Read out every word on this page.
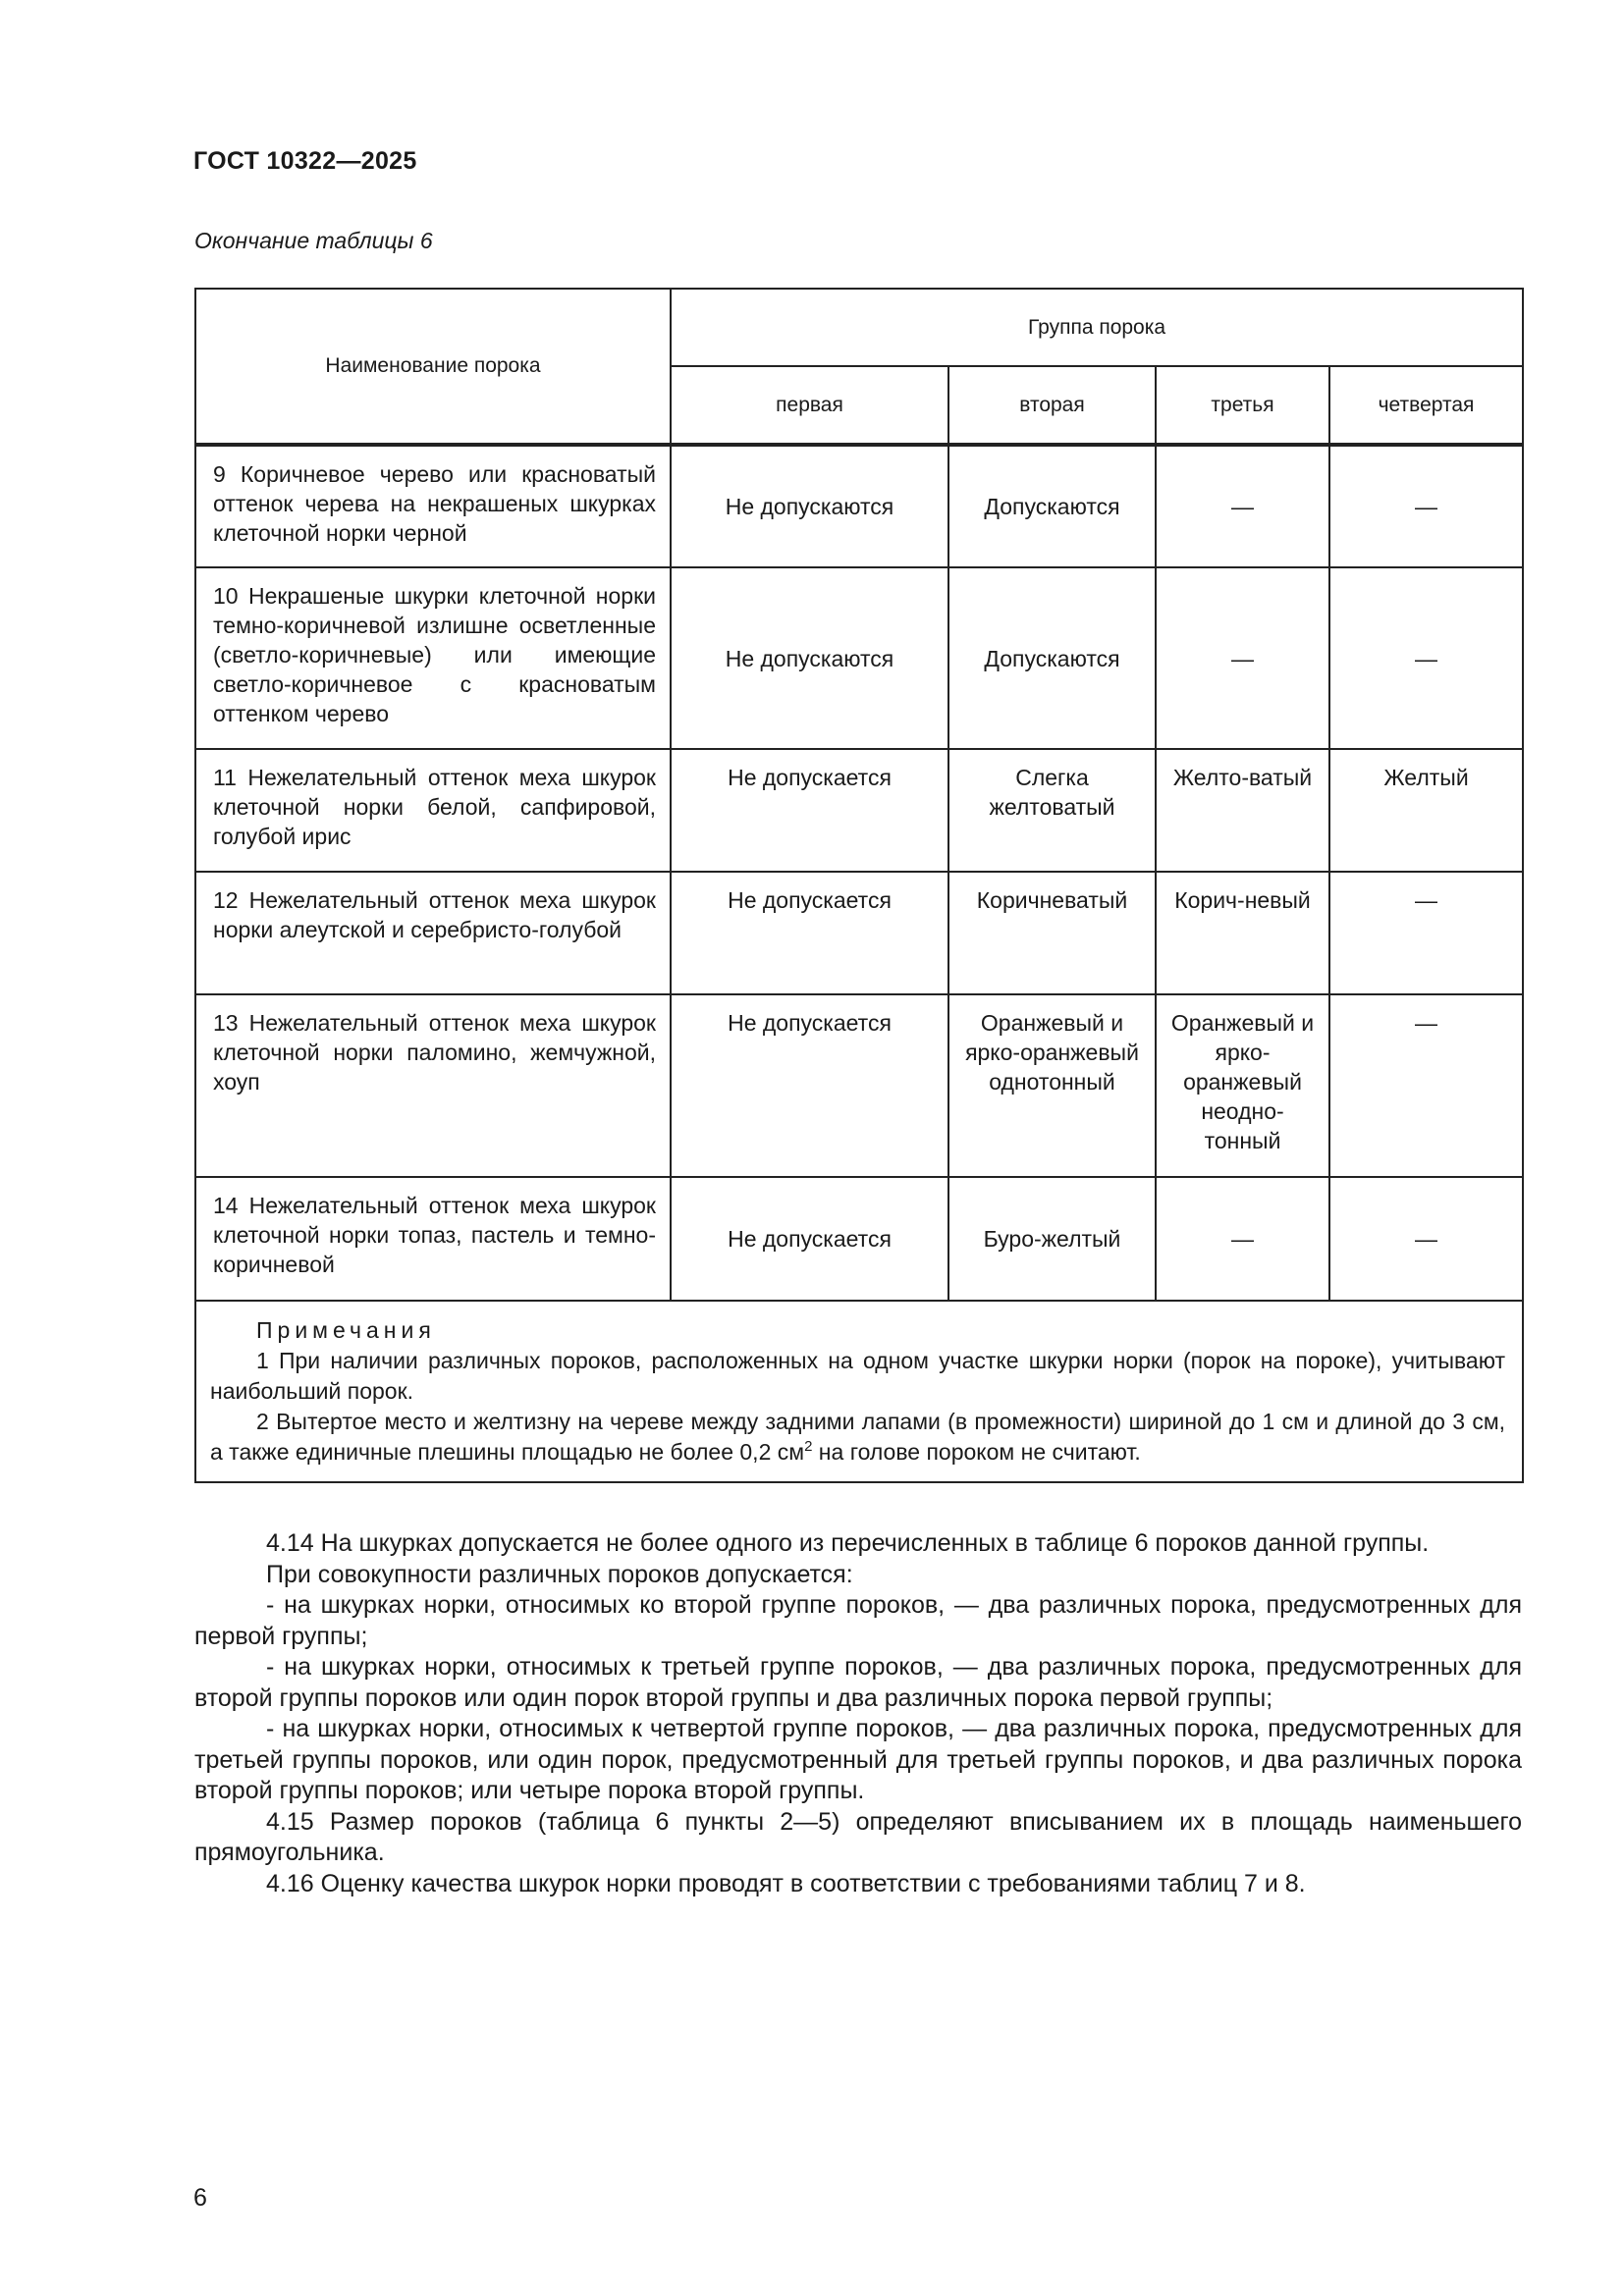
ГОСТ 10322—2025
Окончание таблицы 6
Наименование порока	Группа порока			
	первая	вторая	третья	четвертая
9 Коричневое черево или красноватый оттенок черева на некрашеных шкурках клеточной норки черной	Не допускаются	Допускаются	—	—
10 Некрашеные шкурки клеточной норки темно-коричневой излишне осветленные (светло-коричневые) или имеющие светло-коричневое с красноватым оттенком черево	Не допускаются	Допускаются	—	—
11 Нежелательный оттенок меха шкурок клеточной норки белой, сапфировой, голубой ирис	Не допускается	Слегка желтоватый	Желто-ватый	Желтый
12 Нежелательный оттенок меха шкурок норки алеутской и серебристо-голубой	Не допускается	Коричневатый	Корич-невый	—
13 Нежелательный оттенок меха шкурок клеточной норки паломино, жемчужной, хоуп	Не допускается	Оранжевый и ярко-оранжевый однотонный	Оранжевый и ярко-оранжевый неодно-тонный	—
14 Нежелательный оттенок меха шкурок клеточной норки топаз, пастель и темно-коричневой	Не допускается	Буро-желтый	—	—

Примечания
1 При наличии различных пороков, расположенных на одном участке шкурки норки (порок на пороке), учитывают наибольший порок.
2 Вытертое место и желтизну на череве между задними лапами (в промежности) шириной до 1 см и длиной до 3 см, а также единичные плешины площадью не более 0,2 $см^2$ на голове пороком не считают.				

4.14 На шкурках допускается не более одного из перечисленных в таблице 6 пороков данной группы.

При совокупности различных пороков допускается:

- на шкурках норки, относимых ко второй группе пороков, — два различных порока, предусмотренных для первой группы;

- на шкурках норки, относимых к третьей группе пороков, — два различных порока, предусмотренных для второй группы пороков или один порок второй группы и два различных порока первой группы;

- на шкурках норки, относимых к четвертой группе пороков, — два различных порока, предусмотренных для третьей группы пороков, или один порок, предусмотренный для третьей группы пороков, и два различных порока второй группы пороков; или четыре порока второй группы.

4.15 Размер пороков (таблица 6 пункты 2—5) определяют вписыванием их в площадь наименьшего прямоугольника.

4.16 Оценку качества шкурок норки проводят в соответствии с требованиями таблиц 7 и 8.

6
